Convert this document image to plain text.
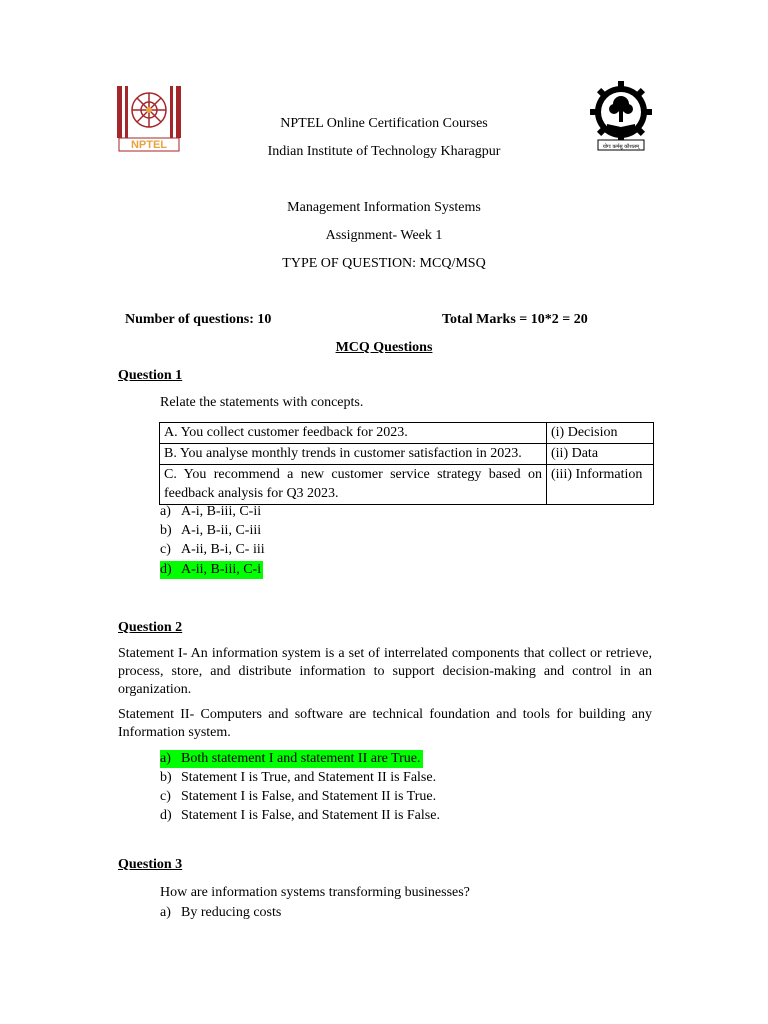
NPTEL	योगः कर्मसु कौशलम्
NPTEL Online Certification Courses
Indian Institute of Technology Kharagpur
Management Information Systems
Assignment- Week 1
TYPE OF QUESTION: MCQ/MSQ
Number of questions: 10	Total Marks = 10*2 = 20
MCQ Questions
Question 1
Relate the statements with concepts.
A. You collect customer feedback for 2023.	(i) Decision
B. You analyse monthly trends in customer satisfaction in 2023.	(ii) Data
C. You recommend a new customer service strategy based on feedback analysis for Q3 2023.	(iii) Information
a) A-i, B-iii, C-ii
b) A-i, B-ii, C-iii
c) A-ii, B-i, C- iii
d) A-ii, B-iii, C-i
Question 2
Statement I- An information system is a set of interrelated components that collect or retrieve, process, store, and distribute information to support decision-making and control in an organization.
Statement II- Computers and software are technical foundation and tools for building any Information system.
a) Both statement I and statement II are True.
b) Statement I is True, and Statement II is False.
c) Statement I is False, and Statement II is True.
d) Statement I is False, and Statement II is False.
Question 3
How are information systems transforming businesses?
a) By reducing costs
